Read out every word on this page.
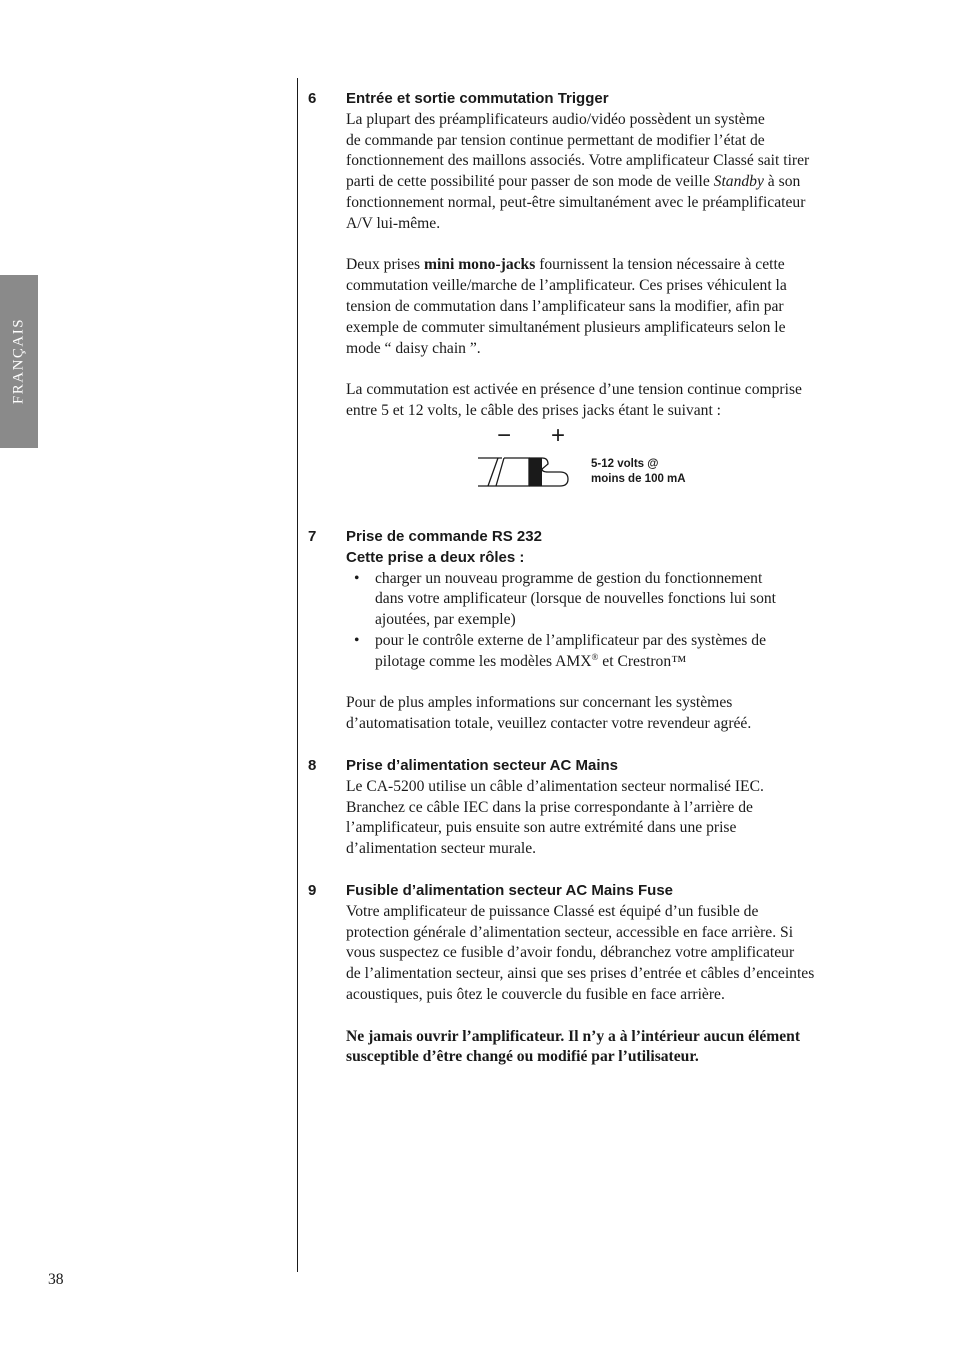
FRANÇAIS
6 Entrée et sortie commutation Trigger

La plupart des préamplificateurs audio/vidéo possèdent un système
de commande par tension continue permettant de modifier l’état de
fonctionnement des maillons associés. Votre amplificateur Classé sait tirer
parti de cette possibilité pour passer de son mode de veille Standby à son
fonctionnement normal, peut-être simultanément avec le préamplificateur
A/V lui-même.

Deux prises mini mono-jacks fournissent la tension nécessaire à cette
commutation veille/marche de l’amplificateur. Ces prises véhiculent la
tension de commutation dans l’amplificateur sans la modifier, afin par
exemple de commuter simultanément plusieurs amplificateurs selon le
mode “ daisy chain ”.

La commutation est activée en présence d’une tension continue comprise
entre 5 et 12 volts, le câble des prises jacks étant le suivant :

− +
5-12 volts @
moins de 100 mA
7 Prise de commande RS 232
Cette prise a deux rôles :
• charger un nouveau programme de gestion du fonctionnement
dans votre amplificateur (lorsque de nouvelles fonctions lui sont
ajoutées, par exemple)
• pour le contrôle externe de l’amplificateur par des systèmes de
pilotage comme les modèles AMX® et Crestron™

Pour de plus amples informations sur concernant les systèmes
d’automatisation totale, veuillez contacter votre revendeur agréé.

8 Prise d’alimentation secteur AC Mains

Le CA-5200 utilise un câble d’alimentation secteur normalisé IEC.
Branchez ce câble IEC dans la prise correspondante à l’arrière de
l’amplificateur, puis ensuite son autre extrémité dans une prise
d’alimentation secteur murale.

9 Fusible d’alimentation secteur AC Mains Fuse

Votre amplificateur de puissance Classé est équipé d’un fusible de
protection générale d’alimentation secteur, accessible en face arrière. Si
vous suspectez ce fusible d’avoir fondu, débranchez votre amplificateur
de l’alimentation secteur, ainsi que ses prises d’entrée et câbles d’enceintes
acoustiques, puis ôtez le couvercle du fusible en face arrière.

Ne jamais ouvrir l’amplificateur. Il n’y a à l’intérieur aucun élément
susceptible d’être changé ou modifié par l’utilisateur.

38
